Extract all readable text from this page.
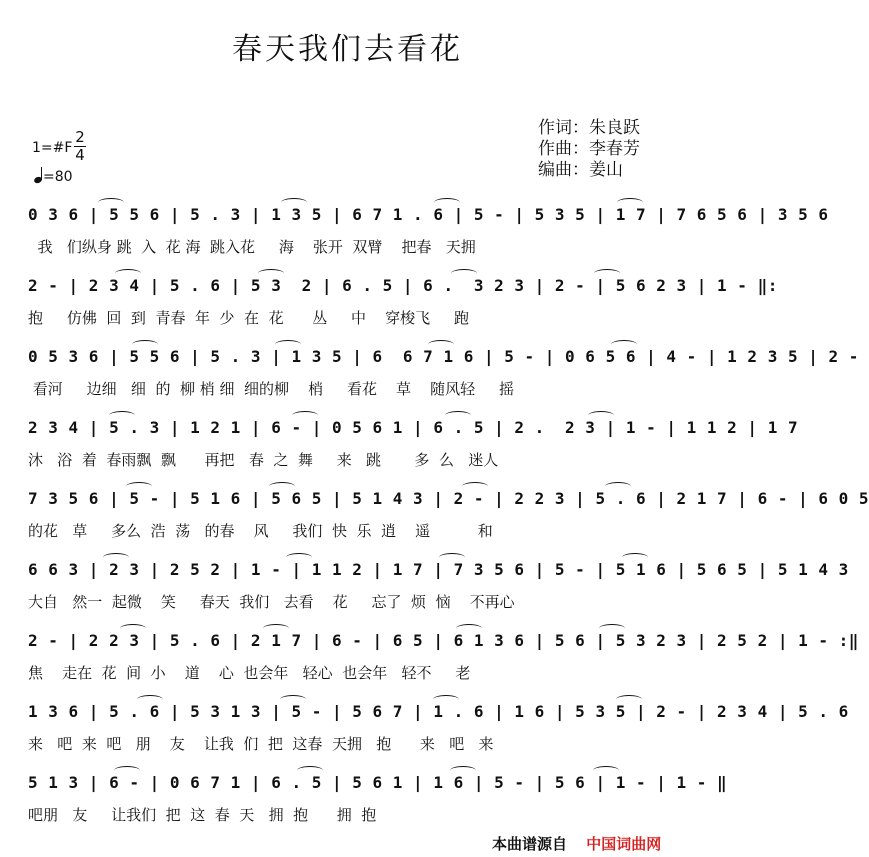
春天我们去看花
作词：朱良跃
作曲：李春芳
编曲：姜山
1=#F
2
4
=80
0 3 6 | 5 5 6 | 5 . 3 | 1 3 5 | 6 7 1 . 6 | 5 - | 5 3 5 | 1 7 | 7 6 5 6 | 3 5 6
我   们纵身 跳  入  花 海  跳入花     海    张开  双臂    把春   天拥
2 - | 2 3 4 | 5 . 6 | 5 3  2 | 6 . 5 | 6 .  3 2 3 | 2 - | 5 6 2 3 | 1 - ‖:
抱     仿佛  回  到  青春  年  少  在  花      丛     中    穿梭飞     跑
0 5 3 6 | 5 5 6 | 5 . 3 | 1 3 5 | 6  6 7 1 6 | 5 - | 0 6 5 6 | 4 - | 1 2 3 5 | 2 -
看河     边细   细  的  柳 梢 细  细的柳    梢     看花    草    随风轻     摇
2 3 4 | 5 . 3 | 1 2 1 | 6 - | 0 5 6 1 | 6 . 5 | 2 .  2 3 | 1 - | 1 1 2 | 1 7
沐   浴  着  春雨飘  飘      再把   春  之  舞     来   跳       多  么   迷人
7 3 5 6 | 5 - | 5 1 6 | 5 6 5 | 5 1 4 3 | 2 - | 2 2 3 | 5 . 6 | 2 1 7 | 6 - | 6 0 5
的花   草     多么  浩  荡   的春    风     我们  快  乐  逍    遥          和
6 6 3 | 2 3 | 2 5 2 | 1 - | 1 1 2 | 1 7 | 7 3 5 6 | 5 - | 5 1 6 | 5 6 5 | 5 1 4 3
大自   然一  起微    笑     春天  我们   去看    花     忘了  烦  恼    不再心
2 - | 2 2 3 | 5 . 6 | 2 1 7 | 6 - | 6 5 | 6 1 3 6 | 5 6 | 5 3 2 3 | 2 5 2 | 1 - :‖
焦    走在  花  间  小    道    心  也会年   轻心  也会年   轻不     老
1 3 6 | 5 . 6 | 5 3 1 3 | 5 - | 5 6 7 | 1 . 6 | 1 6 | 5 3 5 | 2 - | 2 3 4 | 5 . 6
来   吧  来  吧   朋    友    让我  们  把  这春  天拥   抱      来   吧   来
5 1 3 | 6 - | 0 6 7 1 | 6 . 5 | 5 6 1 | 1 6 | 5 - | 5 6 | 1 - | 1 - ‖
吧朋   友     让我们  把  这  春  天   拥  抱      拥  抱
本曲谱源自 中国词曲网
